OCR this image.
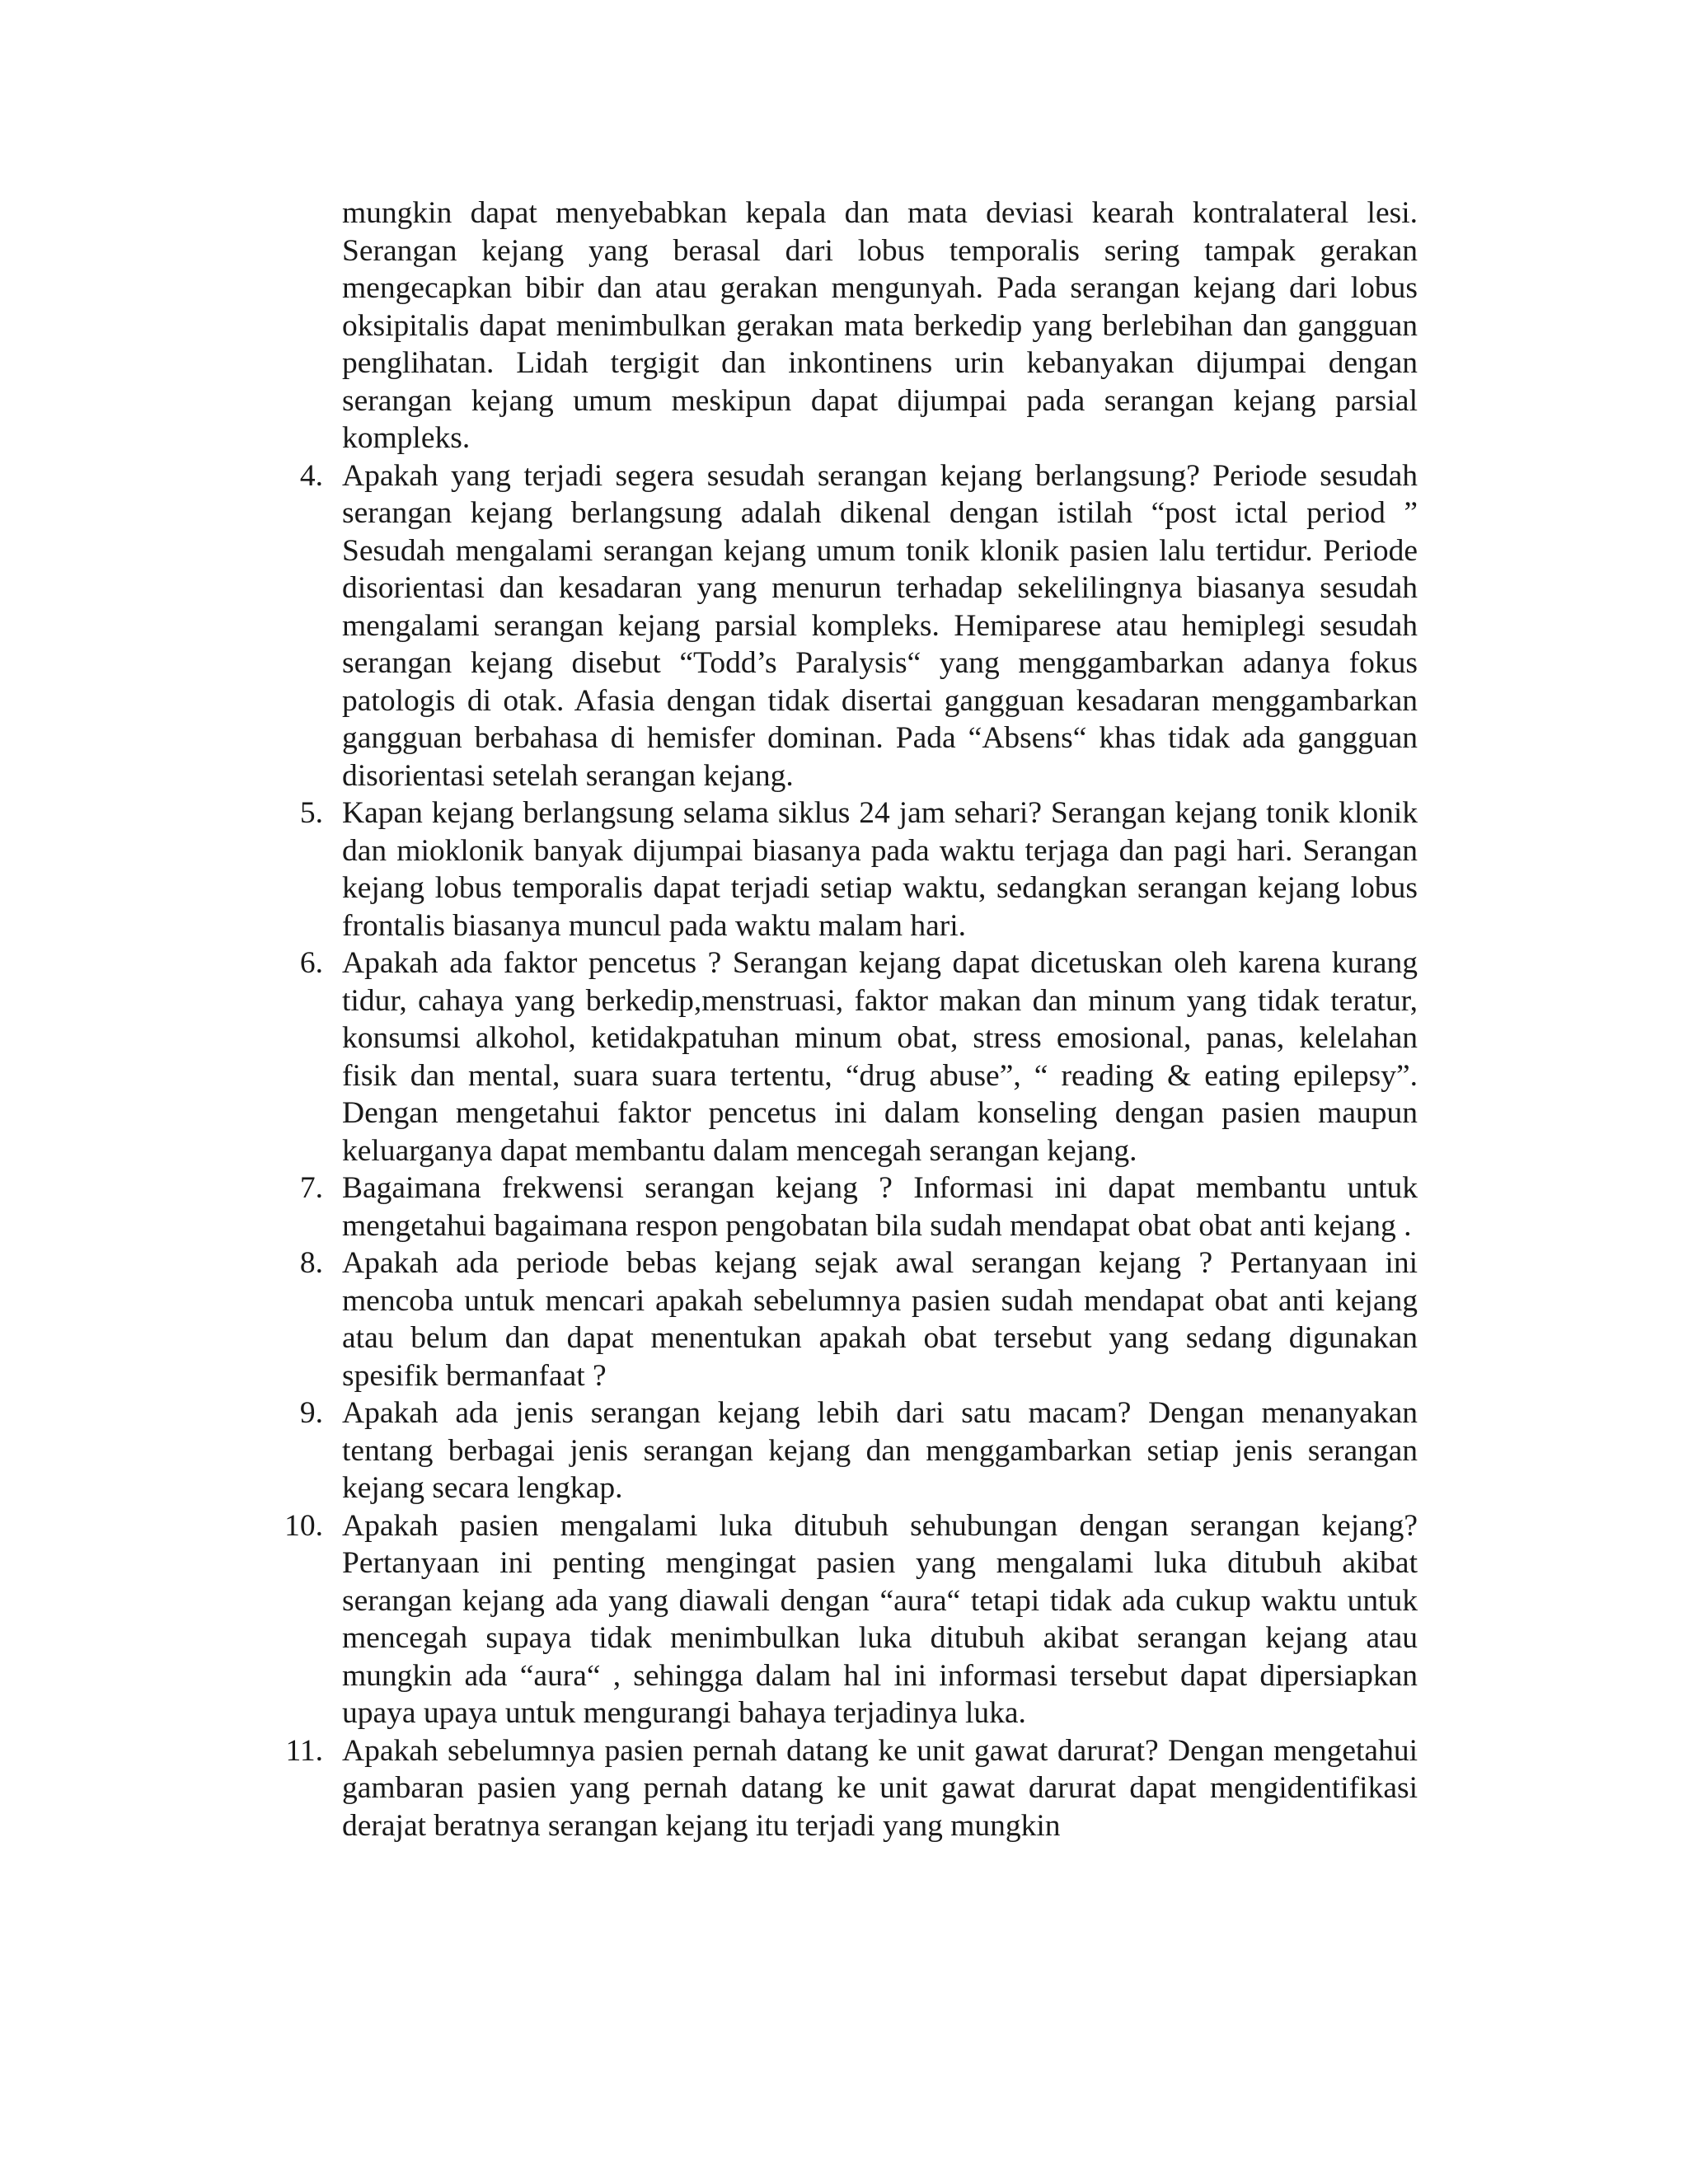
mungkin dapat menyebabkan kepala dan mata deviasi kearah kontralateral lesi. Serangan kejang yang berasal dari lobus temporalis sering tampak gerakan mengecapkan bibir dan atau gerakan mengunyah. Pada serangan kejang dari lobus oksipitalis dapat menimbulkan gerakan mata berkedip yang berlebihan dan gangguan penglihatan. Lidah tergigit dan inkontinens urin kebanyakan dijumpai dengan serangan kejang umum meskipun dapat dijumpai pada serangan kejang parsial kompleks.

4. Apakah yang terjadi segera sesudah serangan kejang berlangsung? Periode sesudah serangan kejang berlangsung adalah dikenal dengan istilah “post ictal period ” Sesudah mengalami serangan kejang umum tonik klonik pasien lalu tertidur. Periode disorientasi dan kesadaran yang menurun terhadap sekelilingnya biasanya sesudah mengalami serangan kejang parsial kompleks. Hemiparese atau hemiplegi sesudah serangan kejang disebut “Todd’s Paralysis“ yang menggambarkan adanya fokus patologis di otak. Afasia dengan tidak disertai gangguan kesadaran menggambarkan gangguan berbahasa di hemisfer dominan. Pada “Absens“ khas tidak ada gangguan disorientasi setelah serangan kejang.
5. Kapan kejang berlangsung selama siklus 24 jam sehari? Serangan kejang tonik klonik dan mioklonik banyak dijumpai biasanya pada waktu terjaga dan pagi hari. Serangan kejang lobus temporalis dapat terjadi setiap waktu, sedangkan serangan kejang lobus frontalis biasanya muncul pada waktu malam hari.
6. Apakah ada faktor pencetus ? Serangan kejang dapat dicetuskan oleh karena kurang tidur, cahaya yang berkedip,menstruasi, faktor makan dan minum yang tidak teratur, konsumsi alkohol, ketidakpatuhan minum obat, stress emosional, panas, kelelahan fisik dan mental, suara suara tertentu, “drug abuse”, “ reading & eating epilepsy”. Dengan mengetahui faktor pencetus ini dalam konseling dengan pasien maupun keluarganya dapat membantu dalam mencegah serangan kejang.
7. Bagaimana frekwensi serangan kejang ? Informasi ini dapat membantu untuk mengetahui bagaimana respon pengobatan bila sudah mendapat obat obat anti kejang .
8. Apakah ada periode bebas kejang sejak awal serangan kejang ? Pertanyaan ini mencoba untuk mencari apakah sebelumnya pasien sudah mendapat obat anti kejang atau belum dan dapat menentukan apakah obat tersebut yang sedang digunakan spesifik bermanfaat ?
9. Apakah ada jenis serangan kejang lebih dari satu macam? Dengan menanyakan tentang berbagai jenis serangan kejang dan menggambarkan setiap jenis serangan kejang secara lengkap.
10. Apakah pasien mengalami luka ditubuh sehubungan dengan serangan kejang? Pertanyaan ini penting mengingat pasien yang mengalami luka ditubuh akibat serangan kejang ada yang diawali dengan “aura“ tetapi tidak ada cukup waktu untuk mencegah supaya tidak menimbulkan luka ditubuh akibat serangan kejang atau mungkin ada “aura“ , sehingga dalam hal ini informasi tersebut dapat dipersiapkan upaya upaya untuk mengurangi bahaya terjadinya luka.
11. Apakah sebelumnya pasien pernah datang ke unit gawat darurat? Dengan mengetahui gambaran pasien yang pernah datang ke unit gawat darurat dapat mengidentifikasi derajat beratnya serangan kejang itu terjadi yang mungkin
